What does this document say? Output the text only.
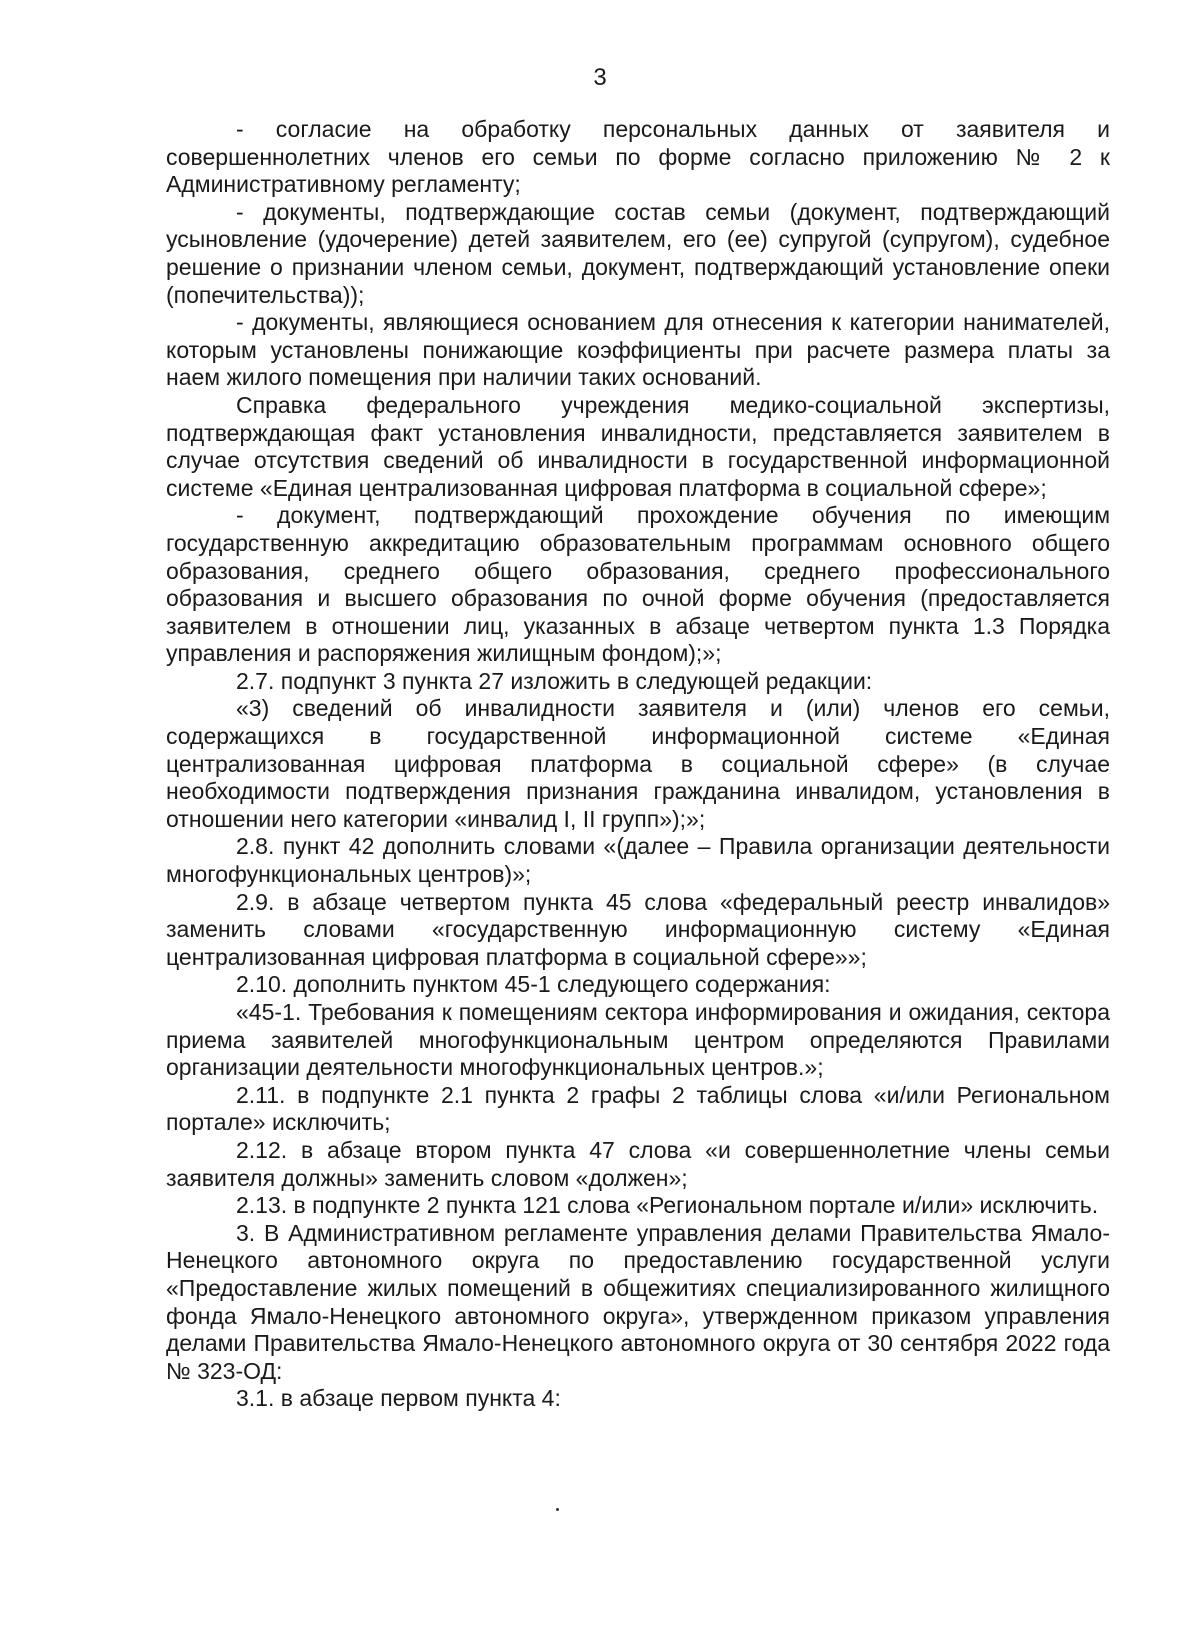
3

- согласие на обработку персональных данных от заявителя и совершеннолетних членов его семьи по форме согласно приложению № 2 к Административному регламенту;

- документы, подтверждающие состав семьи (документ, подтверждающий усыновление (удочерение) детей заявителем, его (ее) супругой (супругом), судебное решение о признании членом семьи, документ, подтверждающий установление опеки (попечительства));

- документы, являющиеся основанием для отнесения к категории нанимателей, которым установлены понижающие коэффициенты при расчете размера платы за наем жилого помещения при наличии таких оснований.

Справка федерального учреждения медико-социальной экспертизы, подтверждающая факт установления инвалидности, представляется заявителем в случае отсутствия сведений об инвалидности в государственной информационной системе «Единая централизованная цифровая платформа в социальной сфере»;

- документ, подтверждающий прохождение обучения по имеющим государственную аккредитацию образовательным программам основного общего образования, среднего общего образования, среднего профессионального образования и высшего образования по очной форме обучения (предоставляется заявителем в отношении лиц, указанных в абзаце четвертом пункта 1.3 Порядка управления и распоряжения жилищным фондом);»;

2.7. подпункт 3 пункта 27 изложить в следующей редакции:

«3) сведений об инвалидности заявителя и (или) членов его семьи, содержащихся в государственной информационной системе «Единая централизованная цифровая платформа в социальной сфере» (в случае необходимости подтверждения признания гражданина инвалидом, установления в отношении него категории «инвалид I, II групп»);»;

2.8. пункт 42 дополнить словами «(далее – Правила организации деятельности многофункциональных центров)»;

2.9. в абзаце четвертом пункта 45 слова «федеральный реестр инвалидов» заменить словами «государственную информационную систему «Единая централизованная цифровая платформа в социальной сфере»»;

2.10. дополнить пунктом 45-1 следующего содержания:

«45-1. Требования к помещениям сектора информирования и ожидания, сектора приема заявителей многофункциональным центром определяются Правилами организации деятельности многофункциональных центров.»;

2.11. в подпункте 2.1 пункта 2 графы 2 таблицы слова «и/или Региональном портале» исключить;

2.12. в абзаце втором пункта 47 слова «и совершеннолетние члены семьи заявителя должны» заменить словом «должен»;

2.13. в подпункте 2 пункта 121 слова «Региональном портале и/или» исключить.

3. В Административном регламенте управления делами Правительства Ямало-Ненецкого автономного округа по предоставлению государственной услуги «Предоставление жилых помещений в общежитиях специализированного жилищного фонда Ямало-Ненецкого автономного округа», утвержденном приказом управления делами Правительства Ямало-Ненецкого автономного округа от 30 сентября 2022 года № 323-ОД:

3.1. в абзаце первом пункта 4:
